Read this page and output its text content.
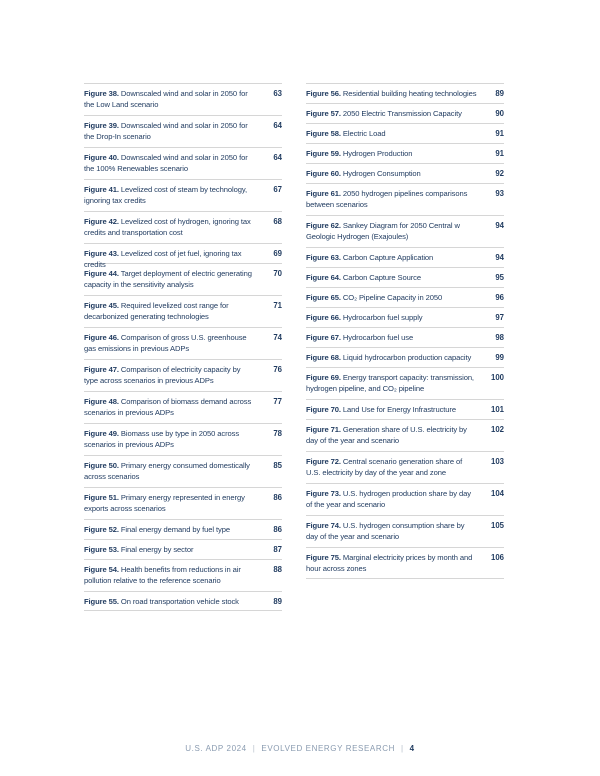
Figure 38. Downscaled wind and solar in 2050 for the Low Land scenario
63
Figure 39. Downscaled wind and solar in 2050 for the Drop-In scenario
64
Figure 40. Downscaled wind and solar in 2050 for the 100% Renewables scenario
64
Figure 41. Levelized cost of steam by technology, ignoring tax credits
67
Figure 42. Levelized cost of hydrogen, ignoring tax credits and transportation cost
68
Figure 43. Levelized cost of jet fuel, ignoring tax credits
69
Figure 44. Target deployment of electric generating capacity in the sensitivity analysis
70
Figure 45. Required levelized cost range for decarbonized generating technologies
71
Figure 46. Comparison of gross U.S. greenhouse gas emissions in previous ADPs
74
Figure 47. Comparison of electricity capacity by type across scenarios in previous ADPs
76
Figure 48. Comparison of biomass demand across scenarios in previous ADPs
77
Figure 49. Biomass use by type in 2050 across scenarios in previous ADPs
78
Figure 50. Primary energy consumed domestically across scenarios
85
Figure 51. Primary energy represented in energy exports across scenarios
86
Figure 52. Final energy demand by fuel type	86
Figure 53. Final energy by sector	87
Figure 54. Health benefits from reductions in air pollution relative to the reference scenario
88
Figure 55. On road transportation vehicle stock	89
Figure 56. Residential building heating technologies	89
Figure 57. 2050 Electric Transmission Capacity	90
Figure 58. Electric Load	91
Figure 59. Hydrogen Production	91
Figure 60. Hydrogen Consumption	92
Figure 61. 2050 hydrogen pipelines comparisons between scenarios
93
Figure 62. Sankey Diagram for 2050 Central w Geologic Hydrogen (Exajoules)
94
Figure 63. Carbon Capture Application	94
Figure 64. Carbon Capture Source	95
Figure 65. CO₂ Pipeline Capacity in 2050	96
Figure 66. Hydrocarbon fuel supply	97
Figure 67. Hydrocarbon fuel use	98
Figure 68. Liquid hydrocarbon production capacity	99
Figure 69. Energy transport capacity: transmission, hydrogen pipeline, and CO₂ pipeline
100
Figure 70. Land Use for Energy Infrastructure	101
Figure 71. Generation share of U.S. electricity by day of the year and scenario
102
Figure 72. Central scenario generation share of U.S. electricity by day of the year and zone
103
Figure 73. U.S. hydrogen production share by day of the year and scenario
104
Figure 74. U.S. hydrogen consumption share by day of the year and scenario
105
Figure 75. Marginal electricity prices by month and hour across zones
106
U.S. ADP 2024 | EVOLVED ENERGY RESEARCH | 4
